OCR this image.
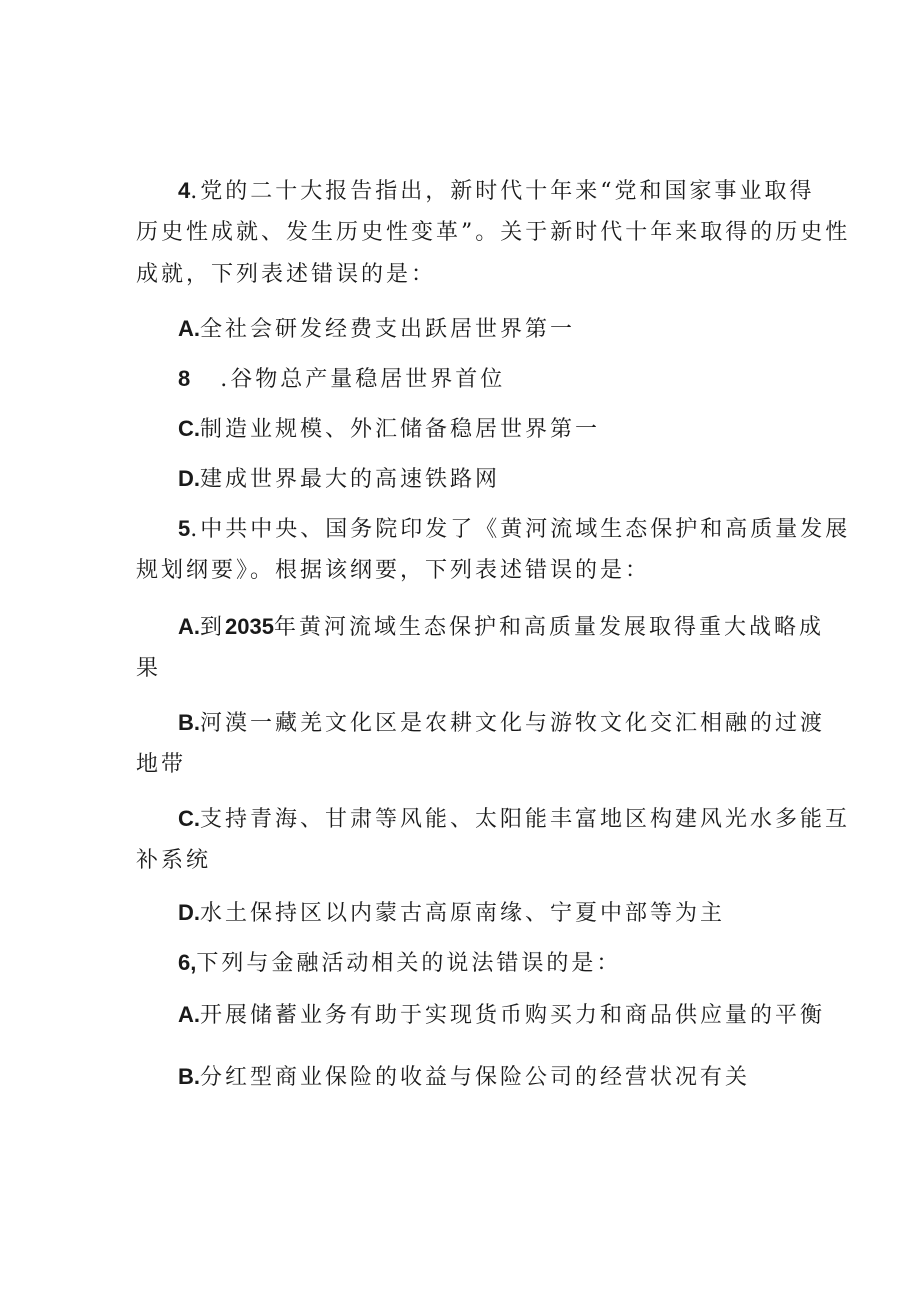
4.党的二十大报告指出，新时代十年来“党和国家事业取得
历史性成就、发生历史性变革”。关于新时代十年来取得的历史性
成就，下列表述错误的是：
A.全社会研发经费支出跃居世界第一
8 .谷物总产量稳居世界首位
C.制造业规模、外汇储备稳居世界第一
D.建成世界最大的高速铁路网
5.中共中央、国务院印发了《黄河流域生态保护和高质量发展
规划纲要》。根据该纲要，下列表述错误的是：
A.到2035年黄河流域生态保护和高质量发展取得重大战略成
果
B.河漠一藏羌文化区是农耕文化与游牧文化交汇相融的过渡
地带
C.支持青海、甘肃等风能、太阳能丰富地区构建风光水多能互
补系统
D.水土保持区以内蒙古高原南缘、宁夏中部等为主
6,下列与金融活动相关的说法错误的是：
A.开展储蓄业务有助于实现货币购买力和商品供应量的平衡
B.分红型商业保险的收益与保险公司的经营状况有关
